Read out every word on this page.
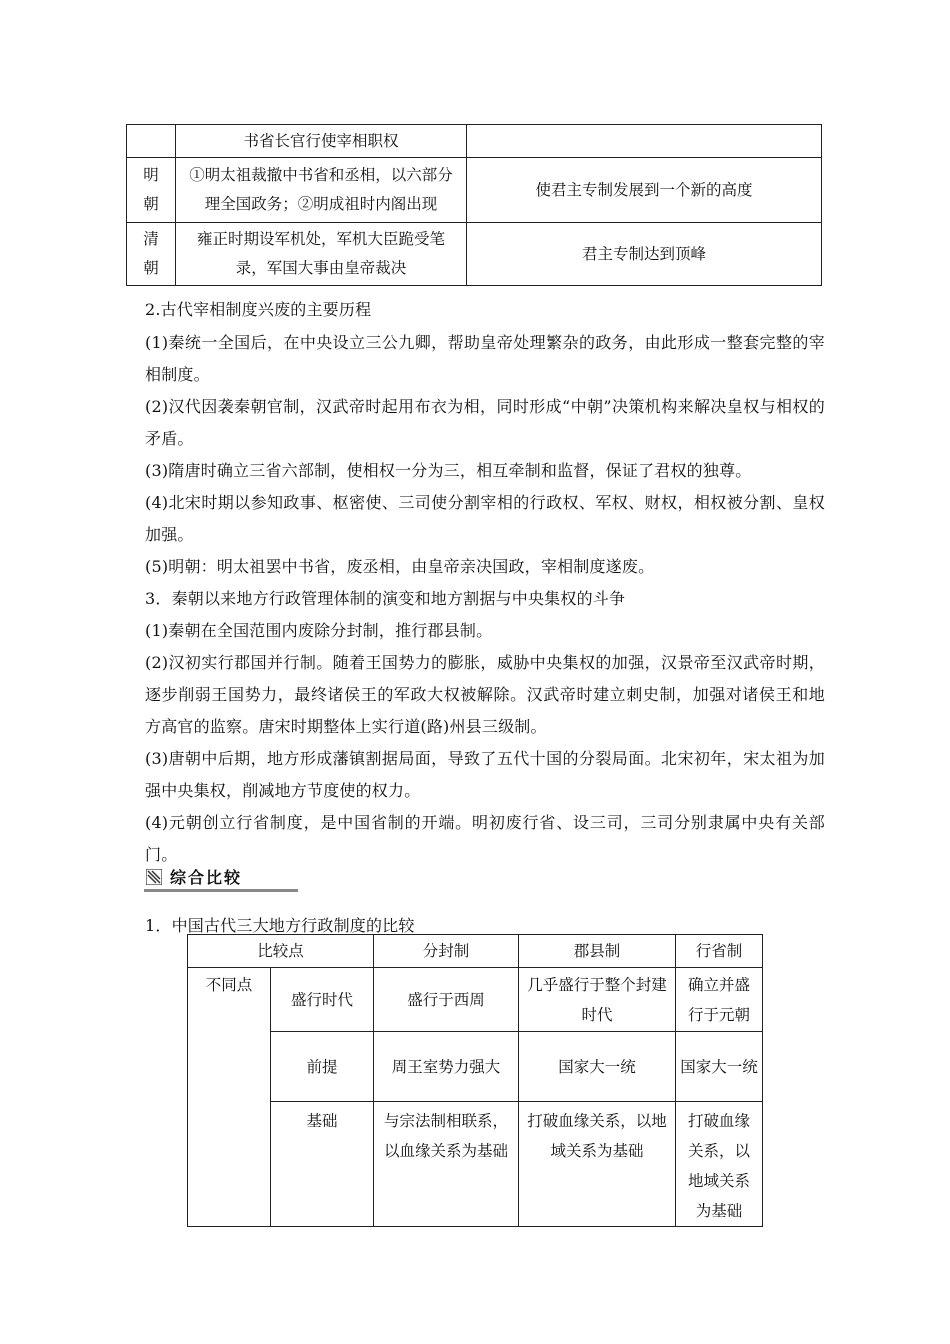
	书省长官行使宰相职权	
明
朝	①明太祖裁撤中书省和丞相，以六部分理全国政务；②明成祖时内阁出现	使君主专制发展到一个新的高度
清
朝	雍正时期设军机处，军机大臣跪受笔录，军国大事由皇帝裁决	君主专制达到顶峰
2.古代宰相制度兴废的主要历程
(1)秦统一全国后，在中央设立三公九卿，帮助皇帝处理繁杂的政务，由此形成一整套完整的宰相制度。
(2)汉代因袭秦朝官制，汉武帝时起用布衣为相，同时形成“中朝”决策机构来解决皇权与相权的矛盾。
(3)隋唐时确立三省六部制，使相权一分为三，相互牵制和监督，保证了君权的独尊。
(4)北宋时期以参知政事、枢密使、三司使分割宰相的行政权、军权、财权，相权被分割、皇权加强。
(5)明朝：明太祖罢中书省，废丞相，由皇帝亲决国政，宰相制度遂废。
3．秦朝以来地方行政管理体制的演变和地方割据与中央集权的斗争
(1)秦朝在全国范围内废除分封制，推行郡县制。
(2)汉初实行郡国并行制。随着王国势力的膨胀，威胁中央集权的加强，汉景帝至汉武帝时期，逐步削弱王国势力，最终诸侯王的军政大权被解除。汉武帝时建立刺史制，加强对诸侯王和地方高官的监察。唐宋时期整体上实行道(路)州县三级制。
(3)唐朝中后期，地方形成藩镇割据局面，导致了五代十国的分裂局面。北宋初年，宋太祖为加强中央集权，削减地方节度使的权力。
(4)元朝创立行省制度，是中国省制的开端。明初废行省、设三司，三司分别隶属中央有关部门。
综合比较
1．中国古代三大地方行政制度的比较
比较点		分封制	郡县制	行省制
不同点	盛行时代	盛行于西周	几乎盛行于整个封建时代	确立并盛行于元朝
	前提	周王室势力强大	国家大一统	国家大一统
	基础	与宗法制相联系，以血缘关系为基础	打破血缘关系，以地域关系为基础	打破血缘关系，以地域关系为基础
